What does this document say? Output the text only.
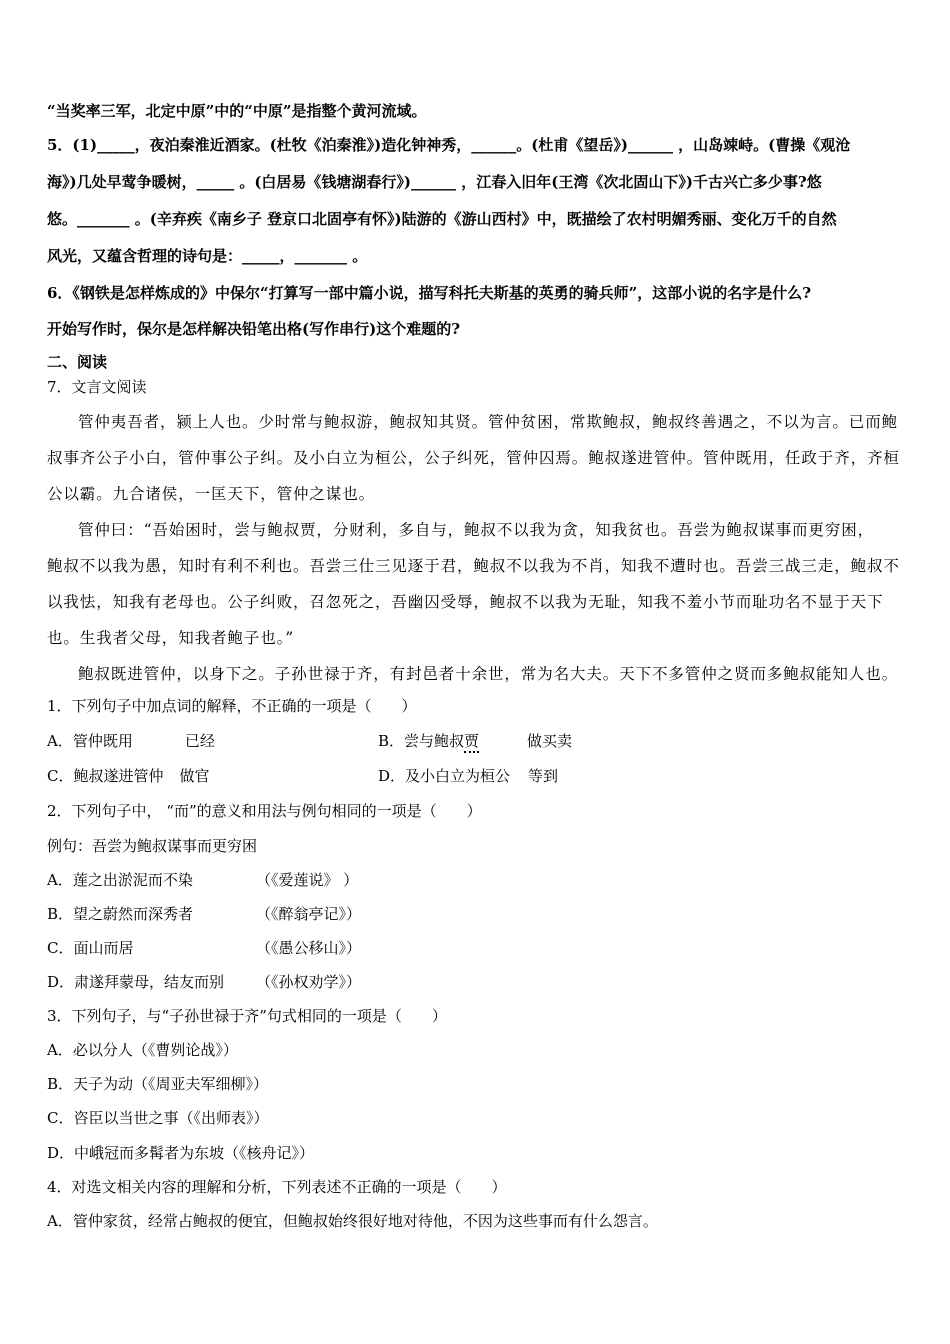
“当奖率三军，北定中原”中的“中原”是指整个黄河流域。
5．(1)_____，夜泊秦淮近酒家。(杜牧《泊秦淮》)造化钟神秀，______。(杜甫《望岳》)______ ，山岛竦峙。(曹操《观沧
海》)几处早莺争暖树，_____ 。(白居易《钱塘湖春行》)______ ，江春入旧年(王湾《次北固山下》)千古兴亡多少事?悠
悠。_______ 。(辛弃疾《南乡子 登京口北固亭有怀》)陆游的《游山西村》中，既描绘了农村明媚秀丽、变化万千的自然
风光，又蕴含哲理的诗句是：_____，_______ 。
6．《钢铁是怎样炼成的》中保尔“打算写一部中篇小说，描写科托夫斯基的英勇的骑兵师”，这部小说的名字是什么?
开始写作时，保尔是怎样解决铅笔出格(写作串行)这个难题的?
二、阅读
7．文言文阅读
管仲夷吾者，颍上人也。少时常与鲍叔游，鲍叔知其贤。管仲贫困，常欺鲍叔，鲍叔终善遇之，不以为言。已而鲍
叔事齐公子小白，管仲事公子纠。及小白立为桓公，公子纠死，管仲囚焉。鲍叔遂进管仲。管仲既用，任政于齐，齐桓
公以霸。九合诸侯，一匡天下，管仲之谋也。
管仲曰：“吾始困时，尝与鲍叔贾，分财利，多自与，鲍叔不以我为贪，知我贫也。吾尝为鲍叔谋事而更穷困，
鲍叔不以我为愚，知时有利不利也。吾尝三仕三见逐于君，鲍叔不以我为不肖，知我不遭时也。吾尝三战三走，鲍叔不
以我怯，知我有老母也。公子纠败，召忽死之，吾幽囚受辱，鲍叔不以我为无耻，知我不羞小节而耻功名不显于天下
也。生我者父母，知我者鲍子也。”
鲍叔既进管仲，以身下之。子孙世禄于齐，有封邑者十余世，常为名大夫。天下不多管仲之贤而多鲍叔能知人也。
1．下列句子中加点词的解释，不正确的一项是（　　）
A．管仲既用	已经	B．尝与鲍叔贾	做买卖
C．鲍叔遂进管仲 做官	D．及小白立为桓公 等到
2．下列句子中， “而”的意义和用法与例句相同的一项是（　　）
例句：吾尝为鲍叔谋事而更穷困
A．莲之出淤泥而不染	（《爱莲说》 ）
B．望之蔚然而深秀者	（《醉翁亭记》）
C．面山而居	（《愚公移山》）
D．肃遂拜蒙母，结友而别 （《孙权劝学》）
3．下列句子，与“子孙世禄于齐”句式相同的一项是（　　）
A．必以分人（《曹刿论战》）
B．天子为动（《周亚夫军细柳》）
C．咨臣以当世之事（《出师表》）
D．中峨冠而多髯者为东坡（《核舟记》）
4．对选文相关内容的理解和分析，下列表述不正确的一项是（　　）
A．管仲家贫，经常占鲍叔的便宜，但鲍叔始终很好地对待他，不因为这些事而有什么怨言。
